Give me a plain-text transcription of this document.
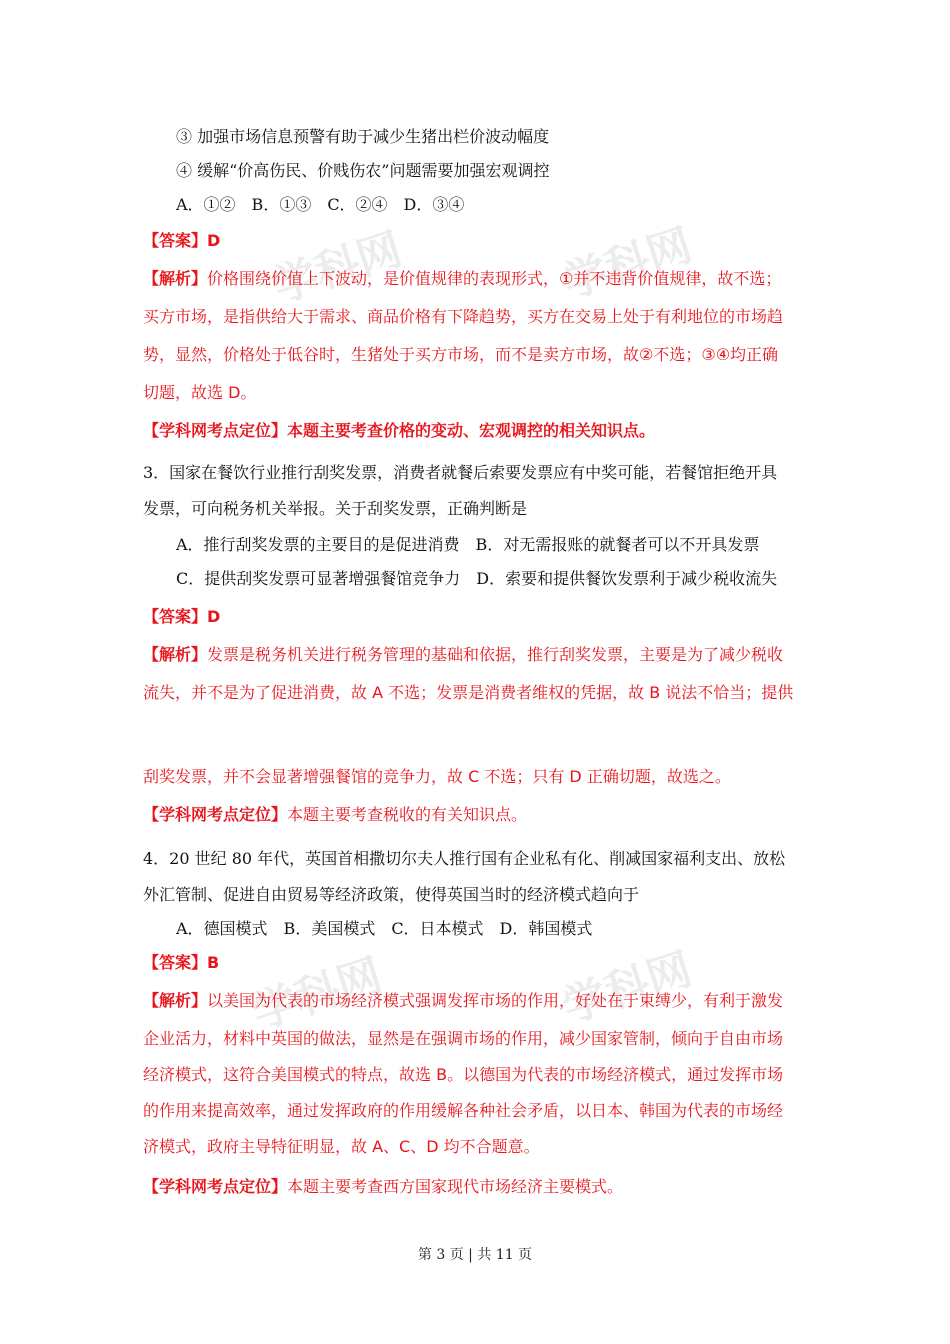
学科网	学科网
学科网	学科网
③ 加强市场信息预警有助于减少生猪出栏价波动幅度
④ 缓解“价高伤民、价贱伤农”问题需要加强宏观调控
A．①②　B．①③　C．②④　D．③④
【答案】D
【解析】价格围绕价值上下波动，是价值规律的表现形式，①并不违背价值规律，故不选；
买方市场，是指供给大于需求、商品价格有下降趋势，买方在交易上处于有利地位的市场趋
势，显然，价格处于低谷时，生猪处于买方市场，而不是卖方市场，故②不选；③④均正确
切题，故选 D。
【学科网考点定位】本题主要考查价格的变动、宏观调控的相关知识点。
3．国家在餐饮行业推行刮奖发票，消费者就餐后索要发票应有中奖可能，若餐馆拒绝开具
发票，可向税务机关举报。关于刮奖发票，正确判断是
A．推行刮奖发票的主要目的是促进消费　B．对无需报账的就餐者可以不开具发票
C．提供刮奖发票可显著增强餐馆竞争力　D．索要和提供餐饮发票利于减少税收流失
【答案】D
【解析】发票是税务机关进行税务管理的基础和依据，推行刮奖发票，主要是为了减少税收
流失，并不是为了促进消费，故 A 不选；发票是消费者维权的凭据，故 B 说法不恰当；提供
刮奖发票，并不会显著增强餐馆的竞争力，故 C 不选；只有 D 正确切题，故选之。
【学科网考点定位】本题主要考查税收的有关知识点。
4．20 世纪 80 年代，英国首相撒切尔夫人推行国有企业私有化、削减国家福利支出、放松
外汇管制、促进自由贸易等经济政策，使得英国当时的经济模式趋向于
A．德国模式　B．美国模式　C．日本模式　D．韩国模式
【答案】B
【解析】以美国为代表的市场经济模式强调发挥市场的作用，好处在于束缚少，有利于激发
企业活力，材料中英国的做法，显然是在强调市场的作用，减少国家管制，倾向于自由市场
经济模式，这符合美国模式的特点，故选 B。以德国为代表的市场经济模式，通过发挥市场
的作用来提高效率，通过发挥政府的作用缓解各种社会矛盾，以日本、韩国为代表的市场经
济模式，政府主导特征明显，故 A、C、D 均不合题意。
【学科网考点定位】本题主要考查西方国家现代市场经济主要模式。
第 3 页 | 共 11 页
